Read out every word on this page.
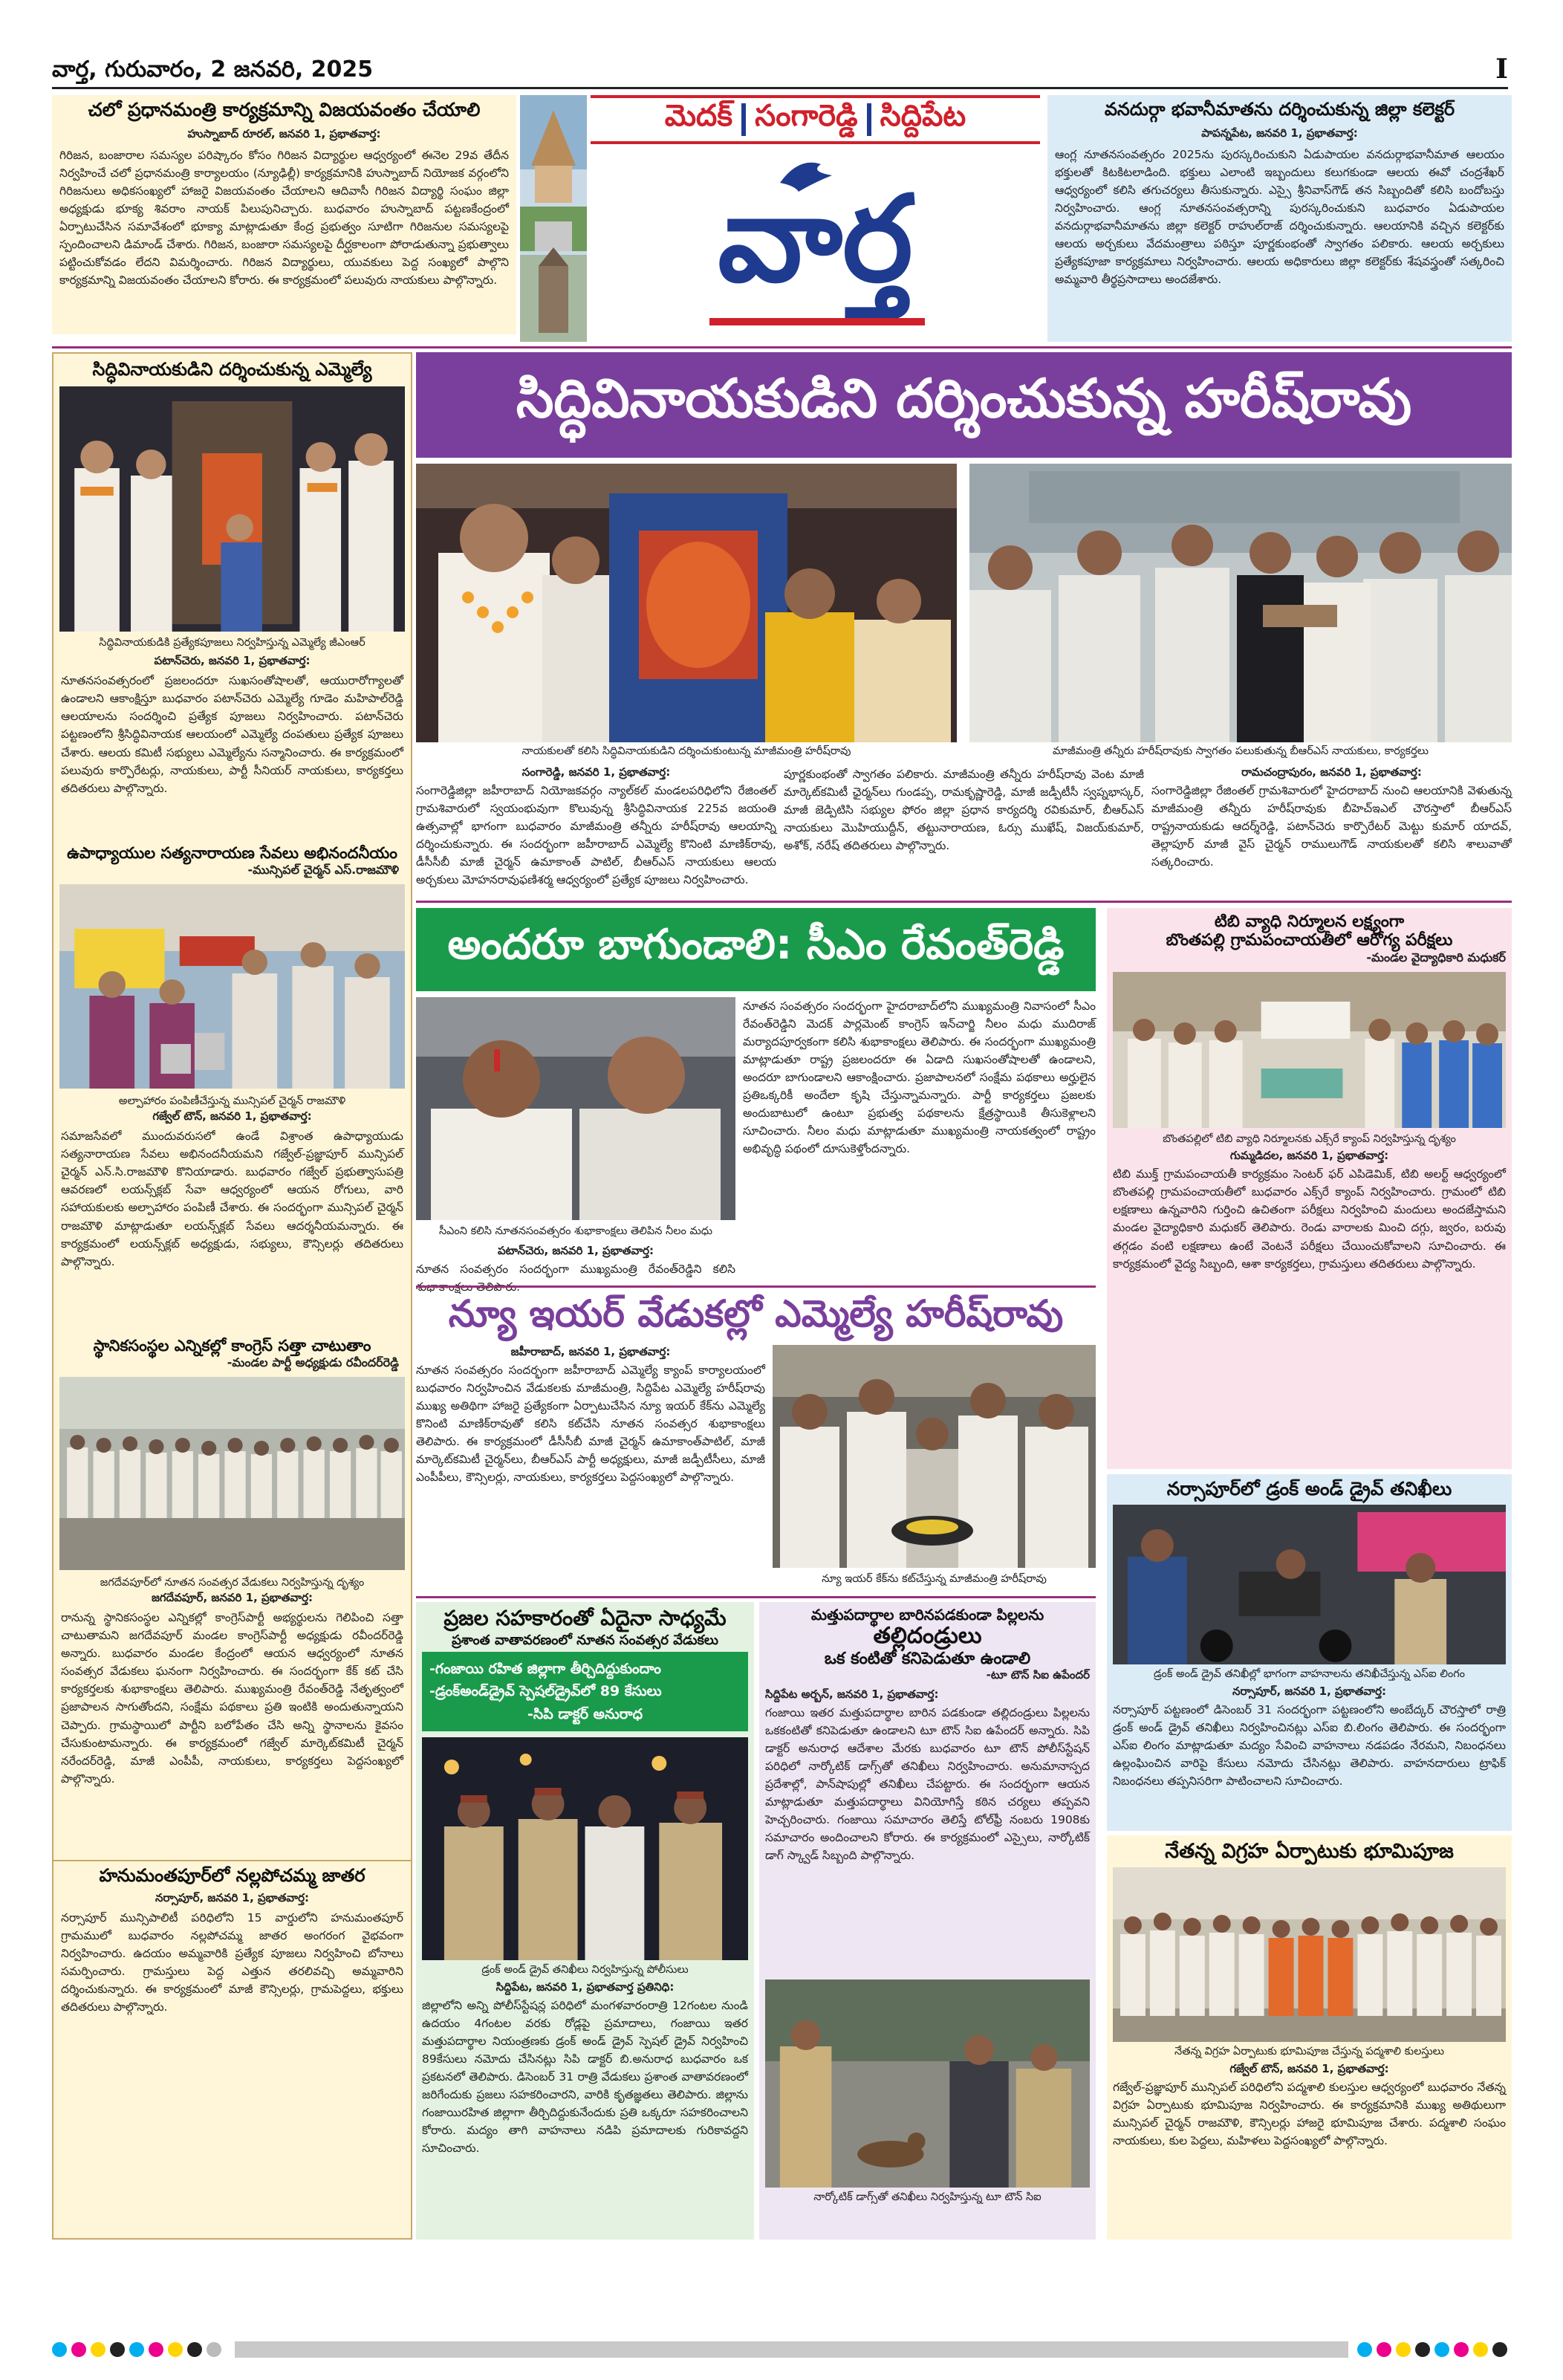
వార్త, గురువారం, 2 జనవరి, 2025	I
చలో ప్రధానమంత్రి కార్యక్రమాన్ని విజయవంతం చేయాలి
హుస్నాబాద్ రూరల్, జనవరి 1, ప్రభాతవార్త:
గిరిజన, బంజారాల సమస్యల పరిష్కారం కోసం గిరిజన విద్యార్థుల ఆధ్వర్యంలో ఈనెల 29వ తేదీన నిర్వహించే చలో ప్రధానమంత్రి కార్యాలయం (న్యూఢిల్లీ) కార్యక్రమానికి హుస్నాబాద్ నియోజక వర్గంలోని గిరిజనులు అధికసంఖ్యలో హాజరై విజయవంతం చేయాలని ఆదివాసీ గిరిజన విద్యార్థి సంఘం జిల్లా అధ్యక్షుడు భూక్య శివరాం నాయక్ పిలుపునిచ్చారు. బుధవారం హుస్నాబాద్ పట్టణకేంద్రంలో ఏర్పాటుచేసిన సమావేశంలో భూక్యా మాట్లాడుతూ కేంద్ర ప్రభుత్వం సూటిగా గిరిజనుల సమస్యలపై స్పందించాలని డిమాండ్ చేశారు. గిరిజన, బంజారా సమస్యలపై దీర్ఘకాలంగా పోరాడుతున్నా ప్రభుత్వాలు పట్టించుకోవడం లేదని విమర్శించారు. గిరిజన విద్యార్థులు, యువకులు పెద్ద సంఖ్యలో పాల్గొని కార్యక్రమాన్ని విజయవంతం చేయాలని కోరారు. ఈ కార్యక్రమంలో పలువురు నాయకులు పాల్గొన్నారు.
మెదక్ సంగారెడ్డి సిద్దిపేట
వార్త
వనదుర్గా భవానీమాతను దర్శించుకున్న జిల్లా కలెక్టర్
పాపన్నపేట, జనవరి 1, ప్రభాతవార్త:
ఆంగ్ల నూతనసంవత్సరం 2025ను పురస్కరించుకుని ఏడుపాయల వనదుర్గాభవానీమాత ఆలయం భక్తులతో కిటకిటలాడింది. భక్తులు ఎలాంటి ఇబ్బందులు కలుగకుండా ఆలయ ఈవో చంద్రశేఖర్ ఆధ్వర్యంలో కలిసి తగుచర్యలు తీసుకున్నారు. ఎస్సై శ్రీనివాస్‌గౌడ్ తన సిబ్బందితో కలిసి బందోబస్తు నిర్వహించారు. ఆంగ్ల నూతనసంవత్సరాన్ని పురస్కరించుకుని బుధవారం ఏడుపాయల వనదుర్గాభవానీమాతను జిల్లా కలెక్టర్ రాహుల్‌రాజ్ దర్శించుకున్నారు. ఆలయానికి వచ్చిన కలెక్టర్‌కు ఆలయ అర్చకులు వేదమంత్రాలు పఠిస్తూ పూర్ణకుంభంతో స్వాగతం పలికారు. ఆలయ అర్చకులు ప్రత్యేకపూజా కార్యక్రమాలు నిర్వహించారు. ఆలయ అధికారులు జిల్లా కలెక్టర్‌కు శేషవస్త్రంతో సత్కరించి అమ్మవారి తీర్థప్రసాదాలు అందజేశారు.
సిద్ధివినాయకుడిని దర్శించుకున్న ఎమ్మెల్యే
సిద్ధివినాయకుడికి ప్రత్యేకపూజలు నిర్వహిస్తున్న ఎమ్మెల్యే జీఎంఆర్
పటాన్‌చెరు, జనవరి 1, ప్రభాతవార్త:
నూతనసంవత్సరంలో ప్రజలందరూ సుఖసంతోషాలతో, ఆయురారోగ్యాలతో ఉండాలని ఆకాంక్షిస్తూ బుధవారం పటాన్‌చెరు ఎమ్మెల్యే గూడెం మహిపాల్‌రెడ్డి ఆలయాలను సందర్శించి ప్రత్యేక పూజలు నిర్వహించారు. పటాన్‌చెరు పట్టణంలోని శ్రీసిద్ధివినాయక ఆలయంలో ఎమ్మెల్యే దంపతులు ప్రత్యేక పూజలు చేశారు. ఆలయ కమిటీ సభ్యులు ఎమ్మెల్యేను సన్మానించారు. ఈ కార్యక్రమంలో పలువురు కార్పొరేటర్లు, నాయకులు, పార్టీ సీనియర్ నాయకులు, కార్యకర్తలు తదితరులు పాల్గొన్నారు.
ఉపాధ్యాయుల సత్యనారాయణ సేవలు అభినందనీయం
-మున్సిపల్ చైర్మన్ ఎస్.రాజమౌళి
అల్పాహారం పంపిణీచేస్తున్న మున్సిపల్ చైర్మన్ రాజమౌళి
గజ్వేల్ టౌన్, జనవరి 1, ప్రభాతవార్త:
సమాజసేవలో ముందువరుసలో ఉండే విశ్రాంత ఉపాధ్యాయుడు సత్యనారాయణ సేవలు అభినందనీయమని గజ్వేల్-ప్రజ్ఞాపూర్ మున్సిపల్ చైర్మన్ ఎన్.సి.రాజమౌళి కొనియాడారు. బుధవారం గజ్వేల్ ప్రభుత్వాసుపత్రి ఆవరణలో లయన్స్‌క్లబ్ సేవా ఆధ్వర్యంలో ఆయన రోగులు, వారి సహాయకులకు అల్పాహారం పంపిణీ చేశారు. ఈ సందర్భంగా మున్సిపల్ చైర్మన్ రాజమౌళి మాట్లాడుతూ లయన్స్‌క్లబ్ సేవలు ఆదర్శనీయమన్నారు. ఈ కార్యక్రమంలో లయన్స్‌క్లబ్ అధ్యక్షుడు, సభ్యులు, కౌన్సిలర్లు తదితరులు పాల్గొన్నారు.
స్థానికసంస్థల ఎన్నికల్లో కాంగ్రెస్ సత్తా చాటుతాం
-మండల పార్టీ అధ్యక్షుడు రవీందర్‌రెడ్డి
జగదేవపూర్‌లో నూతన సంవత్సర వేడుకలు నిర్వహిస్తున్న దృశ్యం
జగదేవపూర్, జనవరి 1, ప్రభాతవార్త:
రానున్న స్థానికసంస్థల ఎన్నికల్లో కాంగ్రెస్‌పార్టీ అభ్యర్థులను గెలిపించి సత్తా చాటుతామని జగదేవపూర్ మండల కాంగ్రెస్‌పార్టీ అధ్యక్షుడు రవీందర్‌రెడ్డి అన్నారు. బుధవారం మండల కేంద్రంలో ఆయన ఆధ్వర్యంలో నూతన సంవత్సర వేడుకలు ఘనంగా నిర్వహించారు. ఈ సందర్భంగా కేక్ కట్ చేసి కార్యకర్తలకు శుభాకాంక్షలు తెలిపారు. ముఖ్యమంత్రి రేవంత్‌రెడ్డి నేతృత్వంలో ప్రజాపాలన సాగుతోందని, సంక్షేమ పథకాలు ప్రతి ఇంటికి అందుతున్నాయని చెప్పారు. గ్రామస్థాయిలో పార్టీని బలోపేతం చేసి అన్ని స్థానాలను కైవసం చేసుకుంటామన్నారు. ఈ కార్యక్రమంలో గజ్వేల్ మార్కెట్‌కమిటీ చైర్మన్ నరేందర్‌రెడ్డి, మాజీ ఎంపీపీ, నాయకులు, కార్యకర్తలు పెద్దసంఖ్యలో పాల్గొన్నారు.
హనుమంతపూర్‌లో నల్లపోచమ్మ జాతర
నర్సాపూర్, జనవరి 1, ప్రభాతవార్త:
నర్సాపూర్ మున్సిపాలిటీ పరిధిలోని 15 వార్డులోని హనుమంతపూర్ గ్రామములో బుధవారం నల్లపోచమ్మ జాతర అంగరంగ వైభవంగా నిర్వహించారు. ఉదయం అమ్మవారికి ప్రత్యేక పూజలు నిర్వహించి బోనాలు సమర్పించారు. గ్రామస్తులు పెద్ద ఎత్తున తరలివచ్చి అమ్మవారిని దర్శించుకున్నారు. ఈ కార్యక్రమంలో మాజీ కౌన్సిలర్లు, గ్రామపెద్దలు, భక్తులు తదితరులు పాల్గొన్నారు.
సిద్ధివినాయకుడిని దర్శించుకున్న హరీష్‌రావు
నాయకులతో కలిసి సిద్ధివినాయకుడిని దర్శించుకుంటున్న మాజీమంత్రి హరీష్‌రావు	మాజీమంత్రి తన్నీరు హరీష్‌రావుకు స్వాగతం పలుకుతున్న బీఆర్ఎస్ నాయకులు, కార్యకర్తలు
సంగారెడ్డి, జనవరి 1, ప్రభాతవార్త:
సంగారెడ్డిజిల్లా జహీరాబాద్ నియోజకవర్గం న్యాల్‌కల్ మండలపరిధిలోని రేజింతల్ గ్రామశివారులో స్వయంభువుగా కొలువున్న శ్రీసిద్ధివినాయక 225వ జయంతి ఉత్సవాల్లో భాగంగా బుధవారం మాజీమంత్రి తన్నీరు హరీష్‌రావు ఆలయాన్ని దర్శించుకున్నారు. ఈ సందర్భంగా జహీరాబాద్ ఎమ్మెల్యే కొనింటి మాణిక్‌రావు, డీసీసీబీ మాజీ చైర్మన్ ఉమాకాంత్ పాటిల్, బీఆర్ఎస్ నాయకులు ఆలయ అర్చకులు మోహనరావుఫణిశర్మ ఆధ్వర్యంలో ప్రత్యేక పూజలు నిర్వహించారు.
పూర్ణకుంభంతో స్వాగతం పలికారు. మాజీమంత్రి తన్నీరు హరీష్‌రావు వెంట మాజీ మార్కెట్‌కమిటీ ఛైర్మన్‌లు గుండప్ప, రామకృష్ణారెడ్డి, మాజీ జడ్పీటీసీ స్వప్నభాస్కర్, మాజీ జెడ్పిటిసి సభ్యుల ఫోరం జిల్లా ప్రధాన కార్యదర్శి రవికుమార్, బీఆర్ఎస్ నాయకులు మొహియుద్దీన్, తట్టునారాయణ, ఓర్సు ముఖేష్, విజయ్‌కుమార్, అశోక్, నరేష్ తదితరులు పాల్గొన్నారు.
రామచంద్రాపురం, జనవరి 1, ప్రభాతవార్త:
సంగారెడ్డిజిల్లా రేజింతల్ గ్రామశివారులో హైదరాబాద్ నుంచి ఆలయానికి వెళుతున్న మాజీమంత్రి తన్నీరు హరీష్‌రావుకు బీహెచ్ఇఎల్ చౌరస్తాలో బీఆర్ఎస్ రాష్ట్రనాయకుడు ఆదర్శ్‌రెడ్డి, పటాన్‌చెరు కార్పొరేటర్ మెట్టు కుమార్ యాదవ్, తెల్లాపూర్ మాజీ వైస్ చైర్మన్ రాములుగౌడ్ నాయకులతో కలిసి శాలువాతో సత్కరించారు.
అందరూ బాగుండాలి: సీఎం రేవంత్‌రెడ్డి
సీఎంని కలిసి నూతనసంవత్సరం శుభాకాంక్షలు తెలిపిన నీలం మధు
పటాన్‌చెరు, జనవరి 1, ప్రభాతవార్త:
నూతన సంవత్సరం సందర్భంగా ముఖ్యమంత్రి రేవంత్‌రెడ్డిని కలిసి
నూతన సంవత్సరం సందర్భంగా హైదరాబాద్‌లోని ముఖ్యమంత్రి నివాసంలో సీఎం రేవంత్‌రెడ్డిని మెదక్ పార్లమెంట్ కాంగ్రెస్ ఇన్‌చార్జి నీలం మధు ముదిరాజ్ మర్యాదపూర్వకంగా కలిసి శుభాకాంక్షలు తెలిపారు. ఈ సందర్భంగా ముఖ్యమంత్రి మాట్లాడుతూ రాష్ట్ర ప్రజలందరూ ఈ ఏడాది సుఖసంతోషాలతో ఉండాలని, అందరూ బాగుండాలని ఆకాంక్షించారు. ప్రజాపాలనలో సంక్షేమ పథకాలు అర్హులైన ప్రతిఒక్కరికీ అందేలా కృషి చేస్తున్నామన్నారు. పార్టీ కార్యకర్తలు ప్రజలకు అందుబాటులో ఉంటూ ప్రభుత్వ పథకాలను క్షేత్రస్థాయికి తీసుకెళ్లాలని సూచించారు. నీలం మధు మాట్లాడుతూ ముఖ్యమంత్రి నాయకత్వంలో రాష్ట్రం అభివృద్ధి పథంలో దూసుకెళ్తోందన్నారు.
టిబి వ్యాధి నిర్మూలన లక్ష్యంగా
బొంతపల్లి గ్రామపంచాయతీలో ఆరోగ్య పరీక్షలు
-మండల వైద్యాధికారి మధుకర్
బొంతపల్లిలో టిబి వ్యాధి నిర్మూలనకు ఎక్స్‌రే క్యాంప్ నిర్వహిస్తున్న దృశ్యం
గుమ్మడిదల, జనవరి 1, ప్రభాతవార్త:
టిబి ముక్త్ గ్రామపంచాయతీ కార్యక్రమం సెంటర్ ఫర్ ఎపిడెమిక్, టిబి అలర్ట్ ఆధ్వర్యంలో బొంతపల్లి గ్రామపంచాయతీలో బుధవారం ఎక్స్‌రే క్యాంప్ నిర్వహించారు. గ్రామంలో టిబి లక్షణాలు ఉన్నవారిని గుర్తించి ఉచితంగా పరీక్షలు నిర్వహించి మందులు అందజేస్తామని మండల వైద్యాధికారి మధుకర్ తెలిపారు. రెండు వారాలకు మించి దగ్గు, జ్వరం, బరువు తగ్గడం వంటి లక్షణాలు ఉంటే వెంటనే పరీక్షలు చేయించుకోవాలని సూచించారు. ఈ కార్యక్రమంలో వైద్య సిబ్బంది, ఆశా కార్యకర్తలు, గ్రామస్తులు తదితరులు పాల్గొన్నారు.
న్యూ ఇయర్ వేడుకల్లో ఎమ్మెల్యే హరీష్‌రావు
జహీరాబాద్, జనవరి 1, ప్రభాతవార్త:
నూతన సంవత్సరం సందర్భంగా జహీరాబాద్ ఎమ్మెల్యే క్యాంప్ కార్యాలయంలో బుధవారం నిర్వహించిన వేడుకలకు మాజీమంత్రి, సిద్దిపేట ఎమ్మెల్యే హరీష్‌రావు ముఖ్య అతిథిగా హాజరై ప్రత్యేకంగా ఏర్పాటుచేసిన న్యూ ఇయర్ కేక్‌ను ఎమ్మెల్యే కొనింటి మాణిక్‌రావుతో కలిసి కట్‌చేసి నూతన సంవత్సర శుభాకాంక్షలు తెలిపారు. ఈ కార్యక్రమంలో డీసీసీబీ మాజీ చైర్మన్ ఉమాకాంత్‌పాటిల్, మాజీ మార్కెట్‌కమిటీ చైర్మన్‌లు, బీఆర్ఎస్ పార్టీ అధ్యక్షులు, మాజీ జడ్పీటీసీలు, మాజీ ఎంపీపీలు, కౌన్సిలర్లు, నాయకులు, కార్యకర్తలు పెద్దసంఖ్యలో పాల్గొన్నారు.
న్యూ ఇయర్ కేక్‌ను కట్‌చేస్తున్న మాజీమంత్రి హరీష్‌రావు
ప్రజల సహకారంతో ఏదైనా సాధ్యమే
ప్రశాంత వాతావరణంలో నూతన సంవత్సర వేడుకలు
-గంజాయి రహిత జిల్లాగా తీర్చిదిద్దుకుందాం
-డ్రంక్అండ్‌డ్రైవ్ స్పెషల్‌డ్రైవ్‌లో 89 కేసులు
-సిపి డాక్టర్ అనురాధ
డ్రంక్ అండ్ డ్రైవ్ తనిఖీలు నిర్వహిస్తున్న పోలీసులు
సిద్దిపేట, జనవరి 1, ప్రభాతవార్త ప్రతినిధి:
జిల్లాలోని అన్ని పోలీస్‌స్టేషన్ల పరిధిలో మంగళవారంరాత్రి 12గంటల నుండి ఉదయం 4గంటల వరకు రోడ్లపై ప్రమాదాలు, గంజాయి ఇతర మత్తుపదార్థాల నియంత్రణకు డ్రంక్ అండ్ డ్రైవ్ స్పెషల్ డ్రైవ్ నిర్వహించి 89కేసులు నమోదు చేసినట్లు సిపి డాక్టర్ బి.అనురాధ బుధవారం ఒక ప్రకటనలో తెలిపారు. డిసెంబర్ 31 రాత్రి వేడుకలు ప్రశాంత వాతావరణంలో జరిగేందుకు ప్రజలు సహకరించారని, వారికి కృతజ్ఞతలు తెలిపారు. జిల్లాను గంజాయిరహిత జిల్లాగా తీర్చిదిద్దుకునేందుకు ప్రతి ఒక్కరూ సహకరించాలని కోరారు. మద్యం తాగి వాహనాలు నడిపి ప్రమాదాలకు గురికావద్దని సూచించారు.
మత్తుపదార్థాల బారినపడకుండా పిల్లలను
తల్లిదండ్రులు
ఒక కంటితో కనిపెడుతూ ఉండాలి
-టూ టౌన్ సిఐ ఉపేందర్
సిద్దిపేట అర్బన్, జనవరి 1, ప్రభాతవార్త:
గంజాయి ఇతర మత్తుపదార్థాల బారిన పడకుండా తల్లిదండ్రులు పిల్లలను ఒకకంటితో కనిపెడుతూ ఉండాలని టూ టౌన్ సిఐ ఉపేందర్ అన్నారు. సిపి డాక్టర్ అనురాధ ఆదేశాల మేరకు బుధవారం టూ టౌన్ పోలీస్‌స్టేషన్ పరిధిలో నార్కోటిక్ డాగ్స్‌తో తనిఖీలు నిర్వహించారు. అనుమానాస్పద ప్రదేశాల్లో, పాన్‌షాపుల్లో తనిఖీలు చేపట్టారు. ఈ సందర్భంగా ఆయన మాట్లాడుతూ మత్తుపదార్థాలు వినియోగిస్తే కఠిన చర్యలు తప్పవని హెచ్చరించారు. గంజాయి సమాచారం తెలిస్తే టోల్‌ఫ్రీ నంబరు 1908కు సమాచారం అందించాలని కోరారు. ఈ కార్యక్రమంలో ఎస్సైలు, నార్కోటిక్ డాగ్ స్క్వాడ్ సిబ్బంది పాల్గొన్నారు.
నార్కోటిక్ డాగ్స్‌తో తనిఖీలు నిర్వహిస్తున్న టూ టౌన్ సిఐ
నర్సాపూర్‌లో డ్రంక్ అండ్ డ్రైవ్ తనిఖీలు
డ్రంక్ అండ్ డ్రైవ్ తనిఖీల్లో భాగంగా వాహనాలను తనిఖీచేస్తున్న ఎస్ఐ లింగం
నర్సాపూర్, జనవరి 1, ప్రభాతవార్త:
నర్సాపూర్ పట్టణంలో డిసెంబర్ 31 సందర్భంగా పట్టణంలోని అంబేద్కర్ చౌరస్తాలో రాత్రి డ్రంక్ అండ్ డ్రైవ్ తనిఖీలు నిర్వహించినట్లు ఎస్ఐ బి.లింగం తెలిపారు. ఈ సందర్భంగా ఎస్ఐ లింగం మాట్లాడుతూ మద్యం సేవించి వాహనాలు నడపడం నేరమని, నిబంధనలు ఉల్లంఘించిన వారిపై కేసులు నమోదు చేసినట్లు తెలిపారు. వాహనదారులు ట్రాఫిక్ నిబంధనలు తప్పనిసరిగా పాటించాలని సూచించారు.
నేతన్న విగ్రహ ఏర్పాటుకు భూమిపూజ
నేతన్న విగ్రహ ఏర్పాటుకు భూమిపూజ చేస్తున్న పద్మశాలి కులస్తులు
గజ్వేల్ టౌన్, జనవరి 1, ప్రభాతవార్త:
గజ్వేల్-ప్రజ్ఞాపూర్ మున్సిపల్ పరిధిలోని పద్మశాలి కులస్తుల ఆధ్వర్యంలో బుధవారం నేతన్న విగ్రహ ఏర్పాటుకు భూమిపూజ నిర్వహించారు. ఈ కార్యక్రమానికి ముఖ్య అతిథులుగా మున్సిపల్ చైర్మన్ రాజమౌళి, కౌన్సిలర్లు హాజరై భూమిపూజ చేశారు. పద్మశాలి సంఘం నాయకులు, కుల పెద్దలు, మహిళలు పెద్దసంఖ్యలో పాల్గొన్నారు.
